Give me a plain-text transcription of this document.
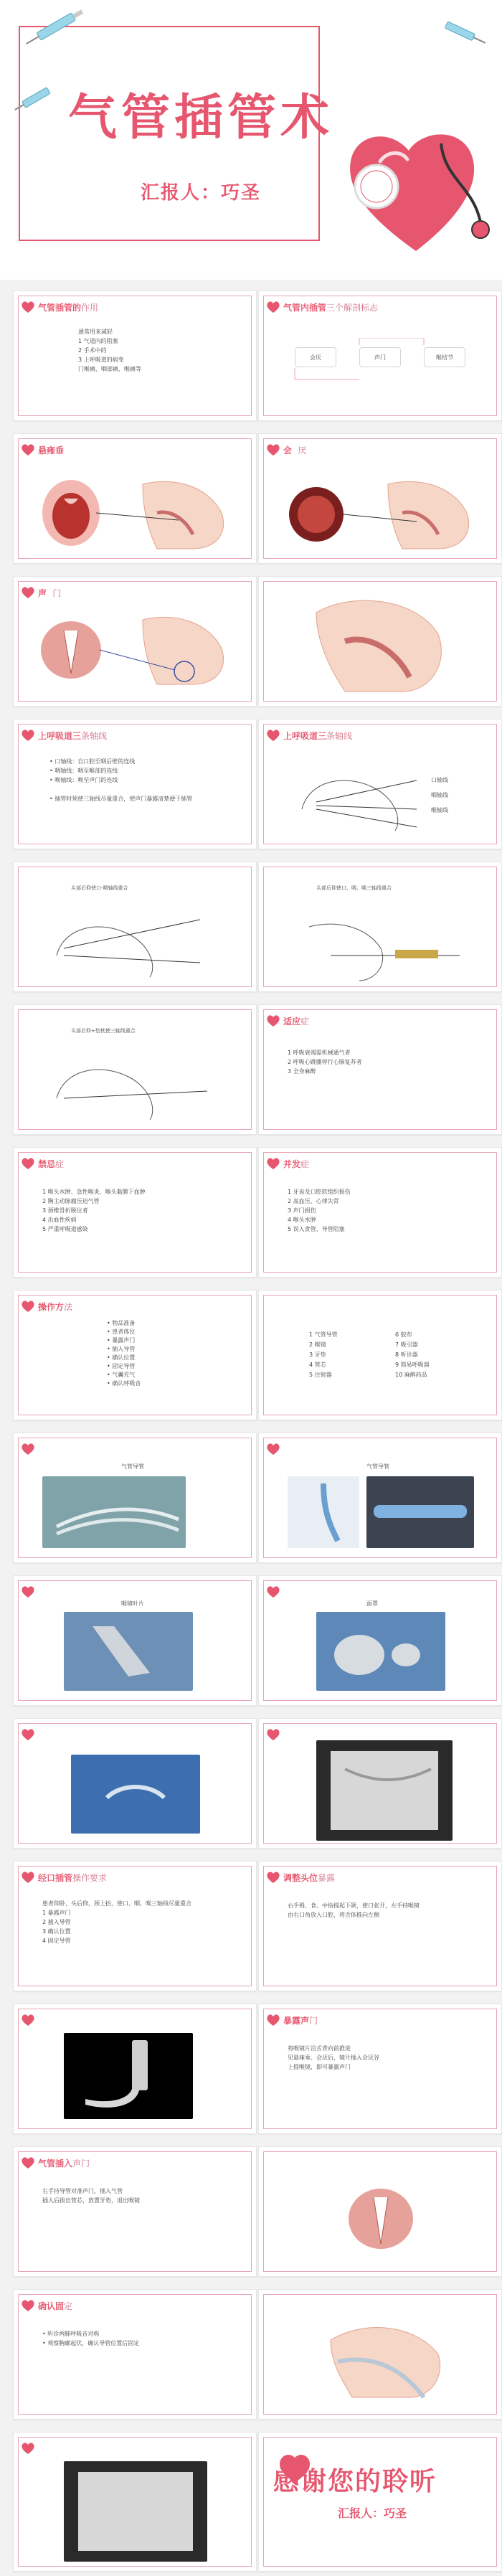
气管插管术
汇报人：巧圣
气管插管的作用
通常用来减轻
1 气道内的阻塞
2 手术中的
3 上呼吸道的病变
门喉痛、咽部痛、喉痛等
气管内插管三个解剖标志
会厌	声门	喉结节
悬雍垂	会 厌
声 门
上呼吸道三条轴线
• 口轴线：自口腔至咽后壁的连线
• 咽轴线：咽至喉部的连线
• 喉轴线：喉至声门的连线

• 插管时须使三轴线尽量重合，使声门暴露清楚便于插管
上呼吸道三条轴线
口轴线
咽轴线
喉轴线
头部后仰使口-咽轴线重合	头部后仰使口、咽、喉三轴线重合
头部后仰+垫枕使三轴线重合
适应症
1 呼吸衰竭需机械通气者
2 呼吸心跳骤停行心肺复苏者
3 全身麻醉
禁忌症
1 喉头水肿、急性喉炎、喉头黏膜下血肿
2 胸主动脉瘤压迫气管
3 颈椎骨折脱位者
4 出血性疾病
5 严重呼吸道感染
并发症
1 牙齿及口腔软组织损伤
2 高血压、心律失常
3 声门损伤
4 喉头水肿
5 误入食管、导管阻塞
操作方法
• 物品准备
• 患者体位
• 暴露声门
• 插入导管
• 确认位置
• 固定导管
• 气囊充气
• 确认呼吸音
1 气管导管
2 喉镜
3 牙垫
4 管芯
5 注射器
6 胶布
7 吸引器
8 听诊器
9 简易呼吸器
10 麻醉药品
气管导管	气管导管
喉镜叶片	面罩
经口插管操作要求
患者仰卧，头后仰，颈上抬，使口、咽、喉三轴线尽量重合
1 暴露声门
2 插入导管
3 确认位置
4 固定导管
调整头位暴露
右手拇、食、中指提起下颌，使口张开，左手持喉镜
由右口角放入口腔，将舌体推向左侧
暴露声门
将喉镜片沿舌背向前推进
见悬雍垂、会厌后，镜片插入会厌谷
上提喉镜，即可暴露声门
气管插入声门
右手持导管对准声门，插入气管
插入后拔出管芯，放置牙垫，退出喉镜
确认固定
• 听诊两肺呼吸音对称
• 观察胸廓起伏，确认导管位置后固定
感谢您的聆听
汇报人：巧圣
